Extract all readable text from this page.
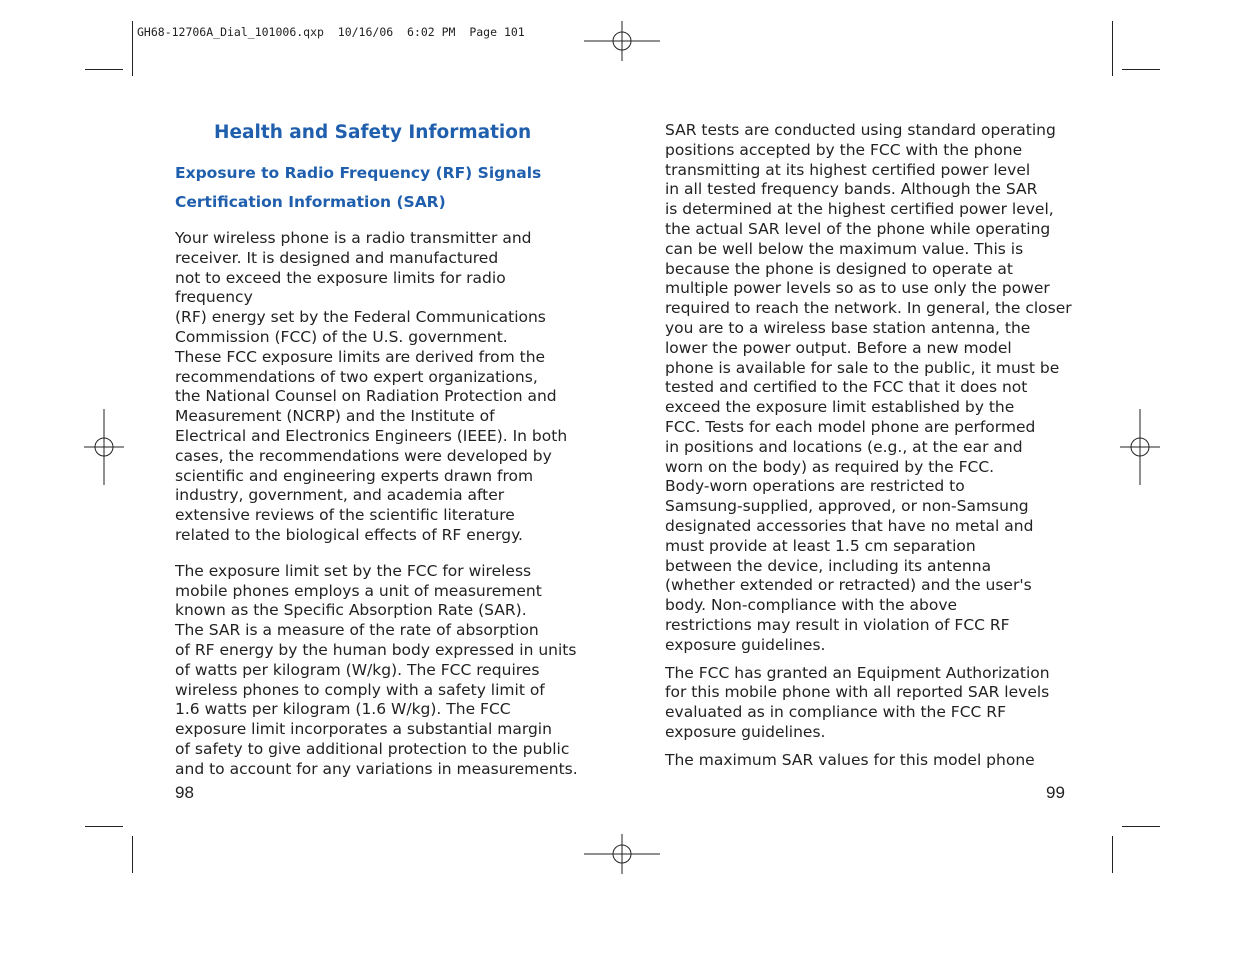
GH68-12706A_Dial_101006.qxp  10/16/06  6:02 PM  Page 101
Health and Safety Information
Exposure to Radio Frequency (RF) Signals
Certification Information (SAR)

Your wireless phone is a radio transmitter and
receiver. It is designed and manufactured
not to exceed the exposure limits for radio frequency
(RF) energy set by the Federal Communications
Commission (FCC) of the U.S. government.
These FCC exposure limits are derived from the
recommendations of two expert organizations,
the National Counsel on Radiation Protection and
Measurement (NCRP) and the Institute of
Electrical and Electronics Engineers (IEEE). In both
cases, the recommendations were developed by
scientific and engineering experts drawn from
industry, government, and academia after
extensive reviews of the scientific literature
related to the biological effects of RF energy.

The exposure limit set by the FCC for wireless
mobile phones employs a unit of measurement
known as the Specific Absorption Rate (SAR).
The SAR is a measure of the rate of absorption
of RF energy by the human body expressed in units
of watts per kilogram (W/kg). The FCC requires
wireless phones to comply with a safety limit of
1.6 watts per kilogram (1.6 W/kg). The FCC
exposure limit incorporates a substantial margin
of safety to give additional protection to the public
and to account for any variations in measurements.

98

SAR tests are conducted using standard operating
positions accepted by the FCC with the phone
transmitting at its highest certified power level
in all tested frequency bands. Although the SAR
is determined at the highest certified power level,
the actual SAR level of the phone while operating
can be well below the maximum value. This is
because the phone is designed to operate at
multiple power levels so as to use only the power
required to reach the network. In general, the closer
you are to a wireless base station antenna, the
lower the power output. Before a new model
phone is available for sale to the public, it must be
tested and certified to the FCC that it does not
exceed the exposure limit established by the
FCC. Tests for each model phone are performed
in positions and locations (e.g., at the ear and
worn on the body) as required by the FCC.
Body-worn operations are restricted to
Samsung-supplied, approved, or non-Samsung
designated accessories that have no metal and
must provide at least 1.5 cm separation
between the device, including its antenna
(whether extended or retracted) and the user's
body. Non-compliance with the above
restrictions may result in violation of FCC RF
exposure guidelines.

The FCC has granted an Equipment Authorization
for this mobile phone with all reported SAR levels
evaluated as in compliance with the FCC RF
exposure guidelines.

The maximum SAR values for this model phone

99
